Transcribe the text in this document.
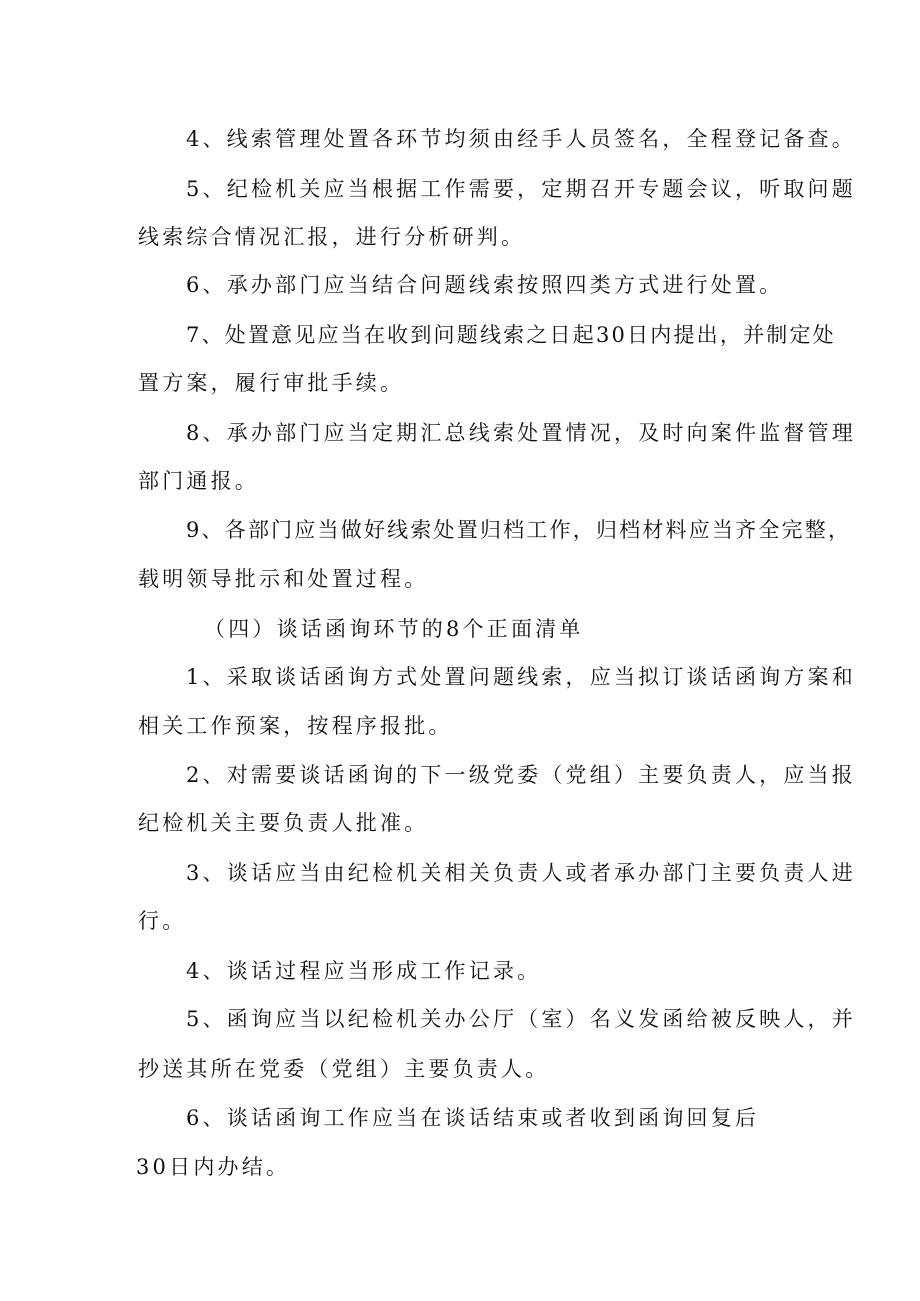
4、线索管理处置各环节均须由经手人员签名，全程登记备查。
5、纪检机关应当根据工作需要，定期召开专题会议，听取问题
线索综合情况汇报，进行分析研判。
6、承办部门应当结合问题线索按照四类方式进行处置。
7、处置意见应当在收到问题线索之日起30日内提出，并制定处
置方案，履行审批手续。
8、承办部门应当定期汇总线索处置情况，及时向案件监督管理
部门通报。
9、各部门应当做好线索处置归档工作，归档材料应当齐全完整，
载明领导批示和处置过程。
（四）谈话函询环节的8个正面清单
1、采取谈话函询方式处置问题线索，应当拟订谈话函询方案和
相关工作预案，按程序报批。
2、对需要谈话函询的下一级党委（党组）主要负责人，应当报
纪检机关主要负责人批准。
3、谈话应当由纪检机关相关负责人或者承办部门主要负责人进
行。
4、谈话过程应当形成工作记录。
5、函询应当以纪检机关办公厅（室）名义发函给被反映人，并
抄送其所在党委（党组）主要负责人。
6、谈话函询工作应当在谈话结束或者收到函询回复后
30日内办结。
